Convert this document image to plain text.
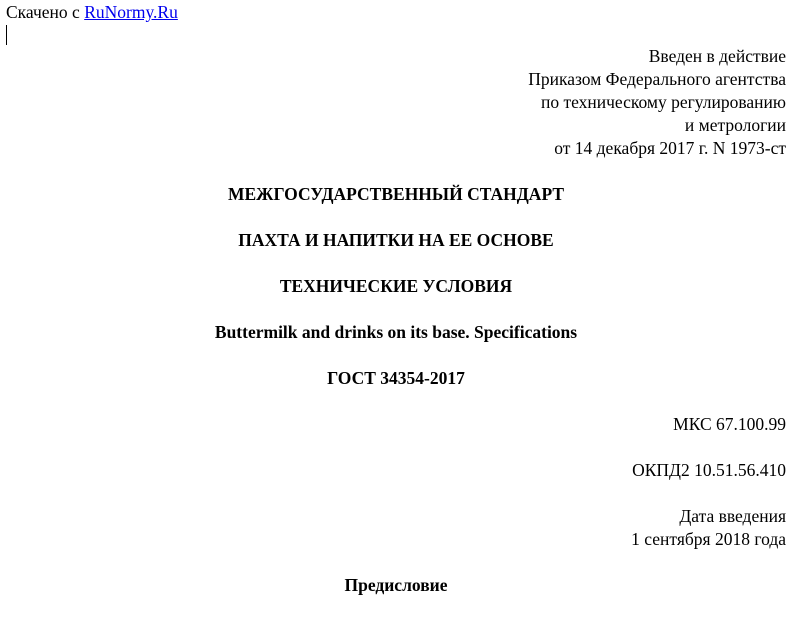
Скачено с RuNormy.Ru
Введен в действие
Приказом Федерального агентства
по техническому регулированию
и метрологии
от 14 декабря 2017 г. N 1973-ст
МЕЖГОСУДАРСТВЕННЫЙ СТАНДАРТ
ПАХТА И НАПИТКИ НА ЕЕ ОСНОВЕ
ТЕХНИЧЕСКИЕ УСЛОВИЯ
Buttermilk and drinks on its base. Specifications
ГОСТ 34354-2017
МКС 67.100.99
ОКПД2 10.51.56.410
Дата введения
1 сентября 2018 года
Предисловие
